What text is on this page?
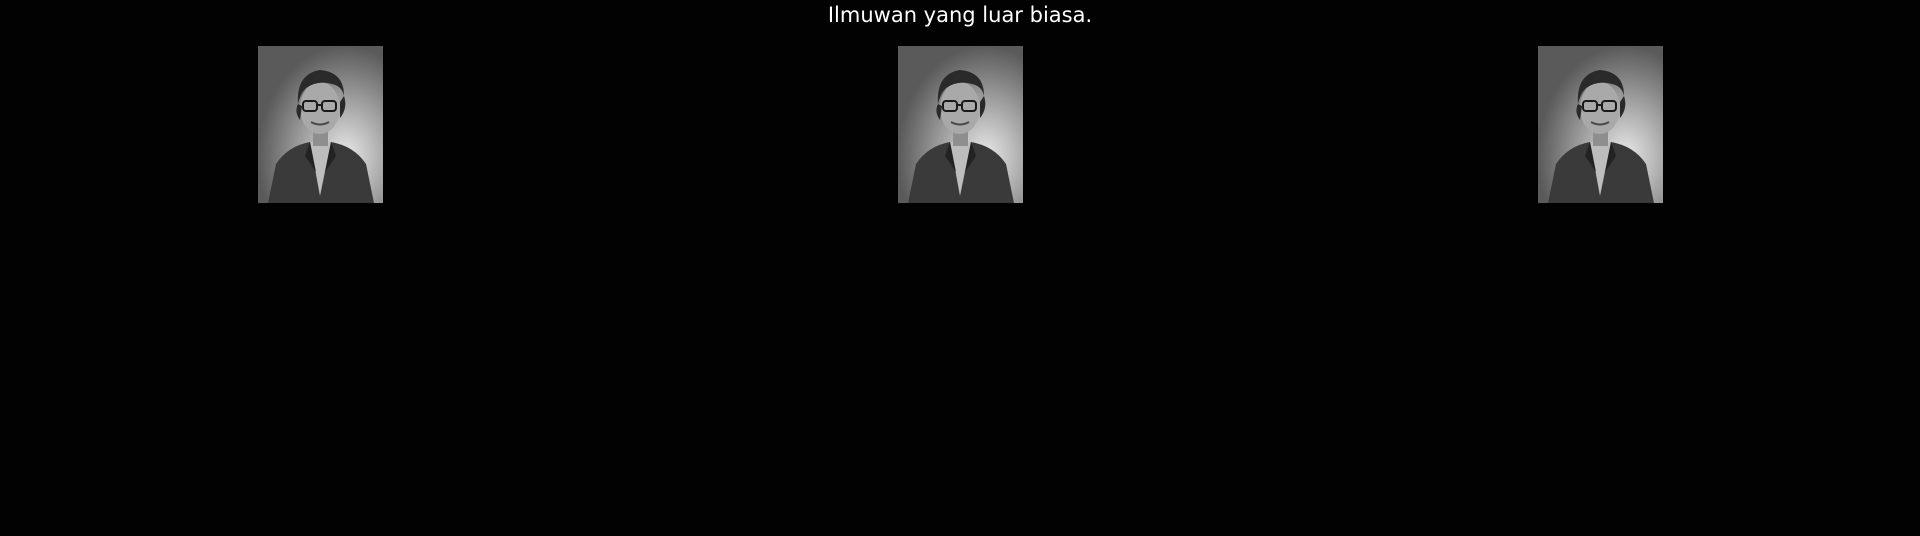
Ilmuwan yang luar biasa.
